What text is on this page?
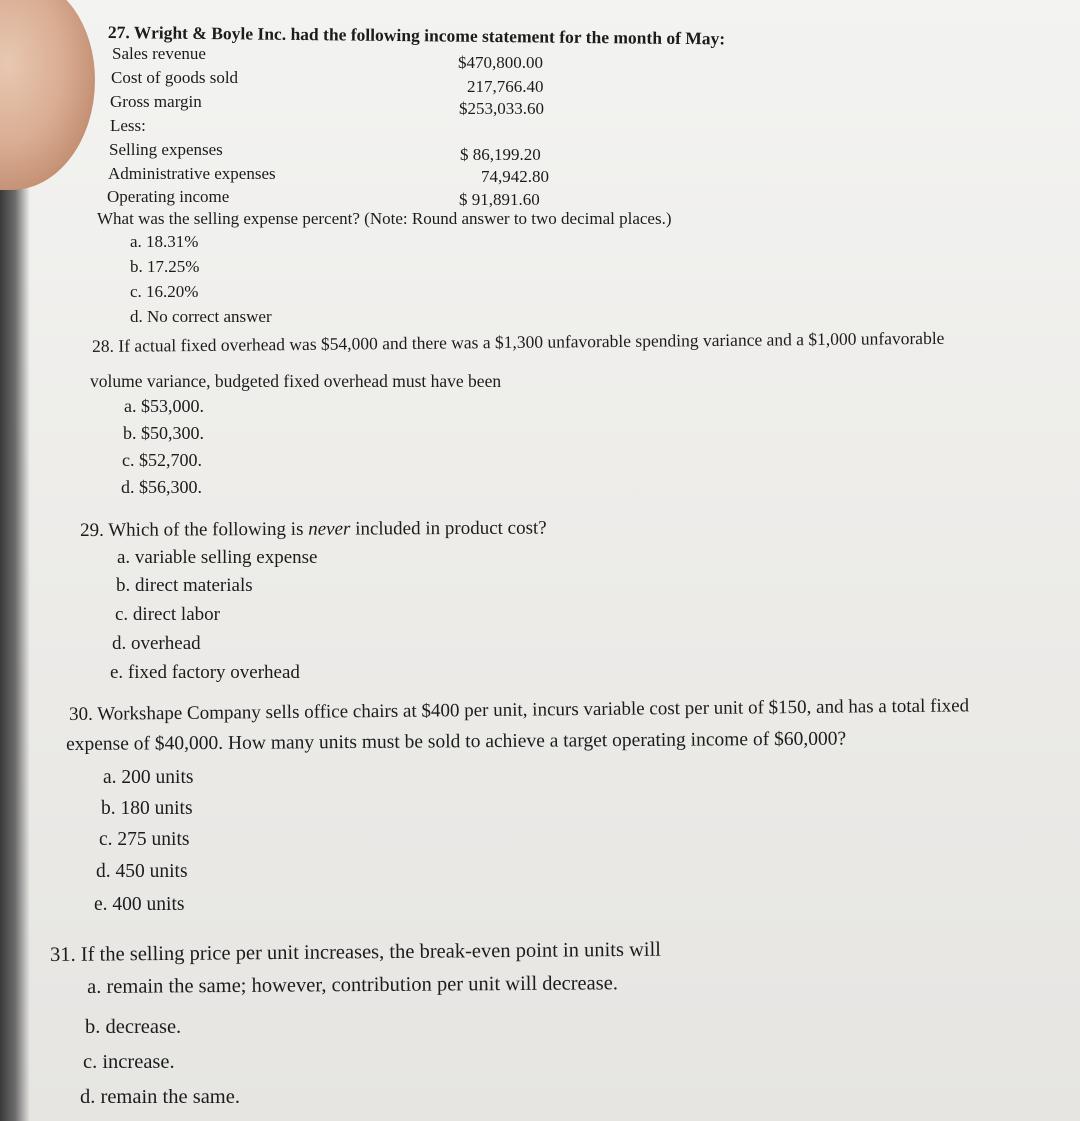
27. Wright & Boyle Inc. had the following income statement for the month of May:
Sales revenue	$470,800.00
Cost of goods sold	217,766.40
Gross margin	$253,033.60
Less:
Selling expenses	$ 86,199.20
Administrative expenses	74,942.80
Operating income	$ 91,891.60
What was the selling expense percent? (Note: Round answer to two decimal places.)
a. 18.31%
b. 17.25%
c. 16.20%
d. No correct answer
28. If actual fixed overhead was $54,000 and there was a $1,300 unfavorable spending variance and a $1,000 unfavorable
volume variance, budgeted fixed overhead must have been
a. $53,000.
b. $50,300.
c. $52,700.
d. $56,300.
29. Which of the following is never included in product cost?
a. variable selling expense
b. direct materials
c. direct labor
d. overhead
e. fixed factory overhead
30. Workshape Company sells office chairs at $400 per unit, incurs variable cost per unit of $150, and has a total fixed
expense of $40,000. How many units must be sold to achieve a target operating income of $60,000?
a. 200 units
b. 180 units
c. 275 units
d. 450 units
e. 400 units
31. If the selling price per unit increases, the break-even point in units will
a. remain the same; however, contribution per unit will decrease.
b. decrease.
c. increase.
d. remain the same.
